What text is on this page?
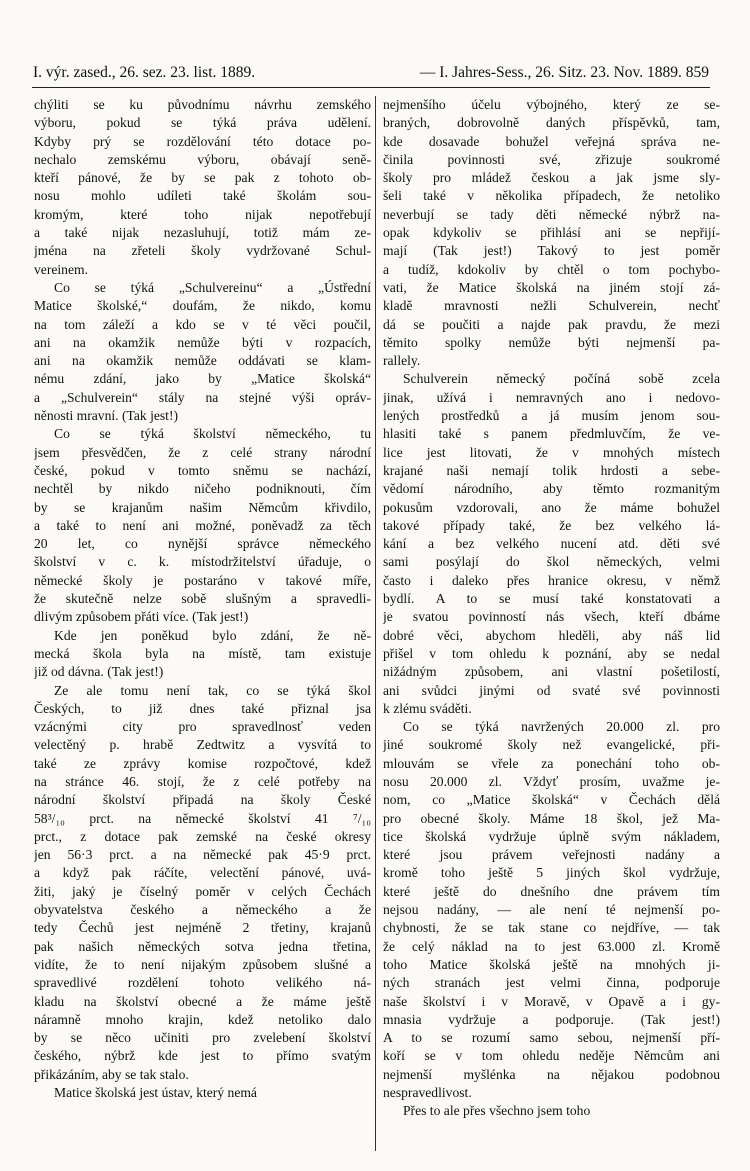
I. výr. zased., 26. sez. 23. list. 1889.	— I. Jahres-Sess., 26. Sitz. 23. Nov. 1889. 859
chýliti se ku původnímu návrhu zemského
výboru, pokud se týká práva udělení.
Kdyby prý se rozdělování této dotace po-
nechalo zemskému výboru, obávají seně-
kteří pánové, že by se pak z tohoto ob-
nosu mohlo udíleti také školám sou-
kromým, které toho nijak nepotřebují
a také nijak nezasluhují, totiž mám ze-
jména na zřeteli školy vydržované Schul-
vereinem.
Co se týká „Schulvereinu“ a „Ústřední
Matice školské,“ doufám, že nikdo, komu
na tom záleží a kdo se v té věci poučil,
ani na okamžik nemůže býti v rozpacích,
ani na okamžik nemůže oddávati se klam-
nému zdání, jako by „Matice školská“
a „Schulverein“ stály na stejné výši opráv-
něnosti mravní. (Tak jest!)
Co se týká školství německého, tu
jsem přesvědčen, že z celé strany národní
české, pokud v tomto sněmu se nachází,
nechtěl by nikdo ničeho podniknouti, čím
by se krajanům našim Němcům křivdilo,
a také to není ani možné, poněvadž za těch
20 let, co nynější správce německého
školství v c. k. místodržitelství úřaduje, o
německé školy je postaráno v takové míře,
že skutečně nelze sobě slušným a spravedli-
dlivým způsobem přáti více. (Tak jest!)
Kde jen poněkud bylo zdání, že ně-
mecká škola byla na místě, tam existuje
již od dávna. (Tak jest!)
Ze ale tomu není tak, co se týká škol
Českých, to již dnes také přiznal jsa
vzácnými city pro spravedlnosť veden
velectěný p. hrabě Zedtwitz a vysvítá to
také ze zprávy komise rozpočtové, kdež
na stránce 46. stojí, že z celé potřeby na
národní školství připadá na školy České
58³/₁₀ prct. na německé školství 41 ⁷/₁₀
prct., z dotace pak zemské na české okresy
jen 56·3 prct. a na německé pak 45·9 prct.
a když pak ráčíte, velectění pánové, uvá-
žiti, jaký je číselný poměr v celých Čechách
obyvatelstva českého a německého a že
tedy Čechů jest nejméně 2 třetiny, krajanů
pak našich německých sotva jedna třetina,
vidíte, že to není nijakým způsobem slušné a
spravedlivé rozdělení tohoto velikého ná-
kladu na školství obecné a že máme ještě
náramně mnoho krajin, kdež netoliko dalo
by se něco učiniti pro zvelebení školství
českého, nýbrž kde jest to přímo svatým
přikázáním, aby se tak stalo.
Matice školská jest ústav, který nemá
nejmenšího účelu výbojného, který ze se-
braných, dobrovolně daných příspěvků, tam,
kde dosavade bohužel veřejná správa ne-
činila povinnosti své, zřizuje soukromé
školy pro mládež českou a jak jsme sly-
šeli také v několika případech, že netoliko
neverbují se tady děti německé nýbrž na-
opak kdykoliv se přihlásí ani se nepřijí-
mají (Tak jest!) Takový to jest poměr
a tudíž, kdokoliv by chtěl o tom pochybo-
vati, že Matice školská na jiném stojí zá-
kladě mravnosti nežli Schulverein, nechť
dá se poučiti a najde pak pravdu, že mezi
těmito spolky nemůže býti nejmenší pa-
rallely.
Schulverein německý počíná sobě zcela
jinak, užívá i nemravných ano i nedovo-
lených prostředků a já musím jenom sou-
hlasiti také s panem předmluvčím, že ve-
lice jest litovati, že v mnohých místech
krajané naši nemají tolik hrdosti a sebe-
vědomí národního, aby těmto rozmanitým
pokusům vzdorovali, ano že máme bohužel
takové případy také, že bez velkého lá-
kání a bez velkého nucení atd. děti své
sami posýlají do škol německých, velmi
často i daleko přes hranice okresu, v němž
bydlí. A to se musí také konstatovati a
je svatou povinností nás všech, kteří dbáme
dobré věci, abychom hleděli, aby náš lid
přišel v tom ohledu k poznání, aby se nedal
nižádným způsobem, ani vlastní pošetilostí,
ani svůdci jinými od svaté své povinnosti
k zlému sváděti.
Co se týká navržených 20.000 zl. pro
jiné soukromé školy než evangelické, při-
mlouvám se vřele za ponechání toho ob-
nosu 20.000 zl. Vždyť prosím, uvažme je-
nom, co „Matice školská“ v Čechách dělá
pro obecné školy. Máme 18 škol, jež Ma-
tice školská vydržuje úplně svým nákladem,
které jsou právem veřejnosti nadány a
kromě toho ještě 5 jiných škol vydržuje,
které ještě do dnešního dne právem tím
nejsou nadány, — ale není té nejmenší po-
chybnosti, že se tak stane co nejdříve, — tak
že celý náklad na to jest 63.000 zl. Kromě
toho Matice školská ještě na mnohých ji-
ných stranách jest velmi činna, podporuje
naše školství i v Moravě, v Opavě a i gy-
mnasia vydržuje a podporuje. (Tak jest!)
A to se rozumí samo sebou, nejmenší pří-
koří se v tom ohledu neděje Němcům ani
nejmenší myšlénka na nějakou podobnou
nespravedlivost.
Přes to ale přes všechno jsem toho
